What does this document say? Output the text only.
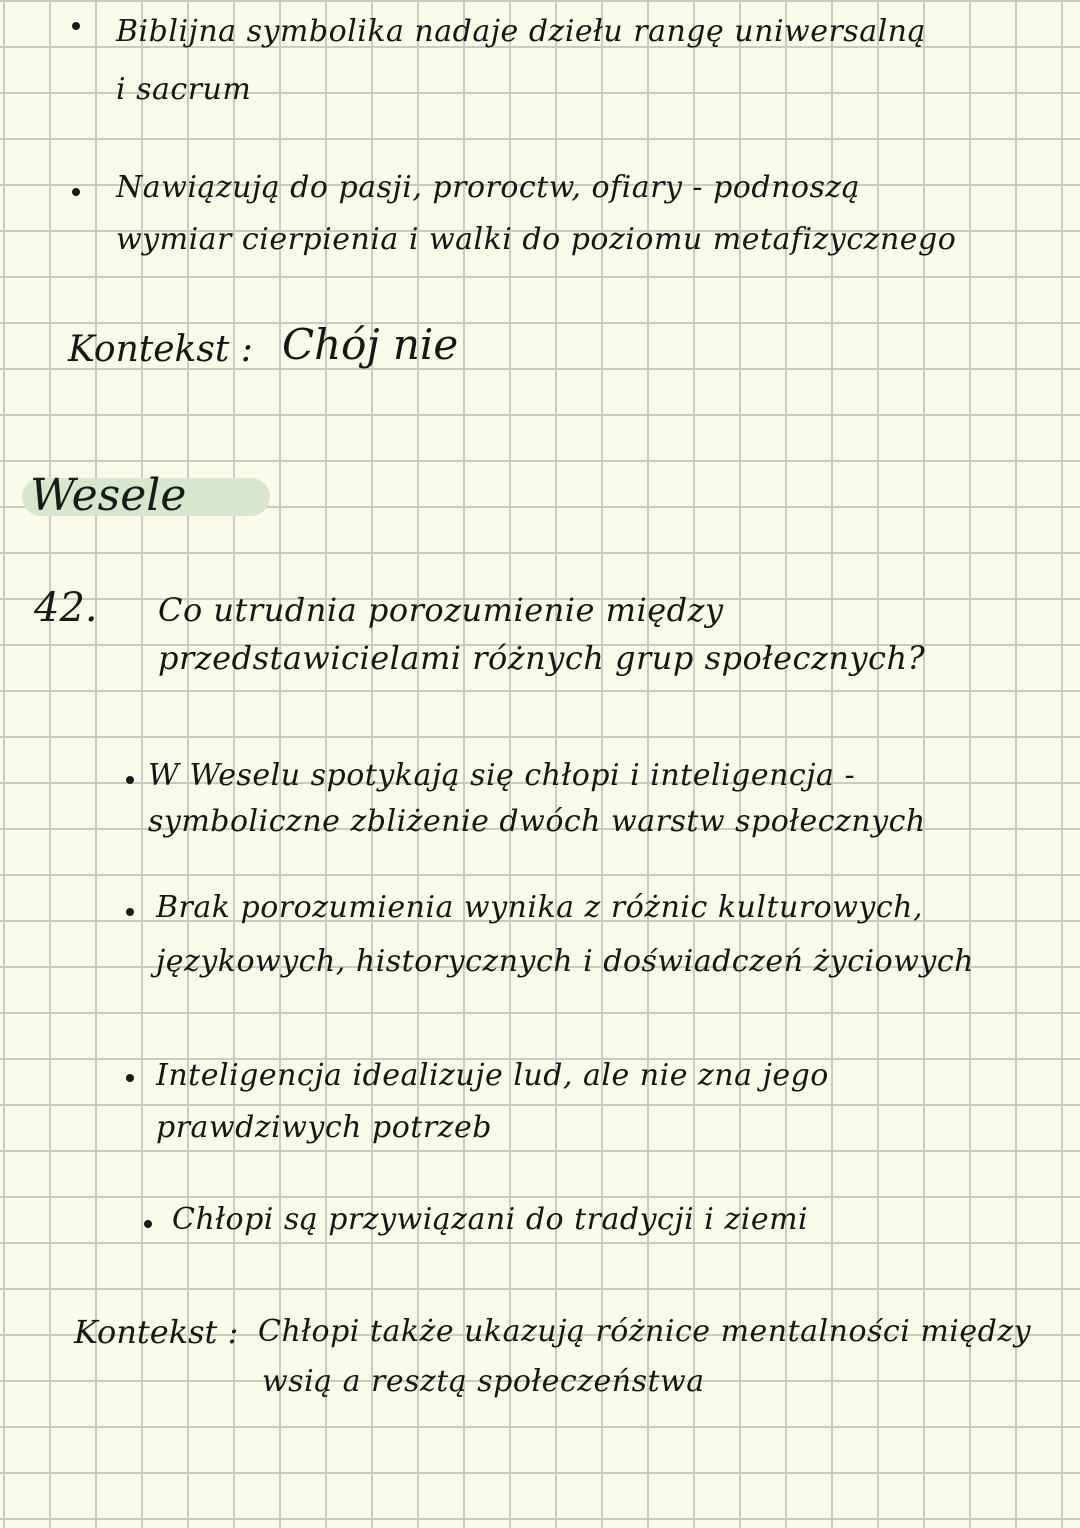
Biblijna symbolika nadaje dziełu rangę uniwersalną
i sacrum
Nawiązują do pasji, proroctw, ofiary - podnoszą
wymiar cierpienia i walki do poziomu metafizycznego
Kontekst : Chój nie
Wesele
42. Co utrudnia porozumienie między
przedstawicielami różnych grup społecznych?
W Weselu spotykają się chłopi i inteligencja -
symboliczne zbliżenie dwóch warstw społecznych
Brak porozumienia wynika z różnic kulturowych,
językowych, historycznych i doświadczeń życiowych
Inteligencja idealizuje lud, ale nie zna jego
prawdziwych potrzeb
Chłopi są przywiązani do tradycji i ziemi
Kontekst : Chłopi także ukazują różnice mentalności między
wsią a resztą społeczeństwa
